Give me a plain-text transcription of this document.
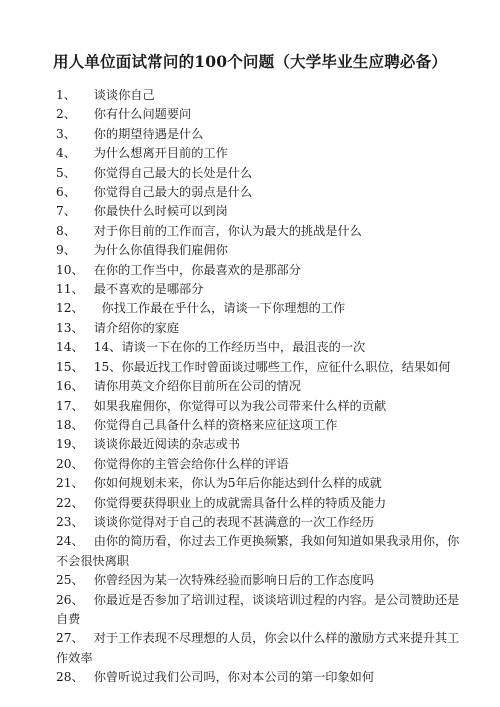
用人单位面试常问的100个问题（大学毕业生应聘必备）
1、  谈谈你自己
2、  你有什么问题要问
3、  你的期望待遇是什么
4、  为什么想离开目前的工作
5、  你觉得自己最大的长处是什么
6、  你觉得自己最大的弱点是什么
7、  你最快什么时候可以到岗
8、  对于你目前的工作而言，你认为最大的挑战是什么
9、  为什么你值得我们雇佣你
10、  在你的工作当中，你最喜欢的是那部分
11、  最不喜欢的是哪部分
12、    你找工作最在乎什么，请谈一下你理想的工作
13、  请介绍你的家庭
14、  14、请谈一下在你的工作经历当中，最沮丧的一次
15、  15、你最近找工作时曾面谈过哪些工作，应征什么职位，结果如何
16、  请你用英文介绍你目前所在公司的情况
17、  如果我雇佣你，你觉得可以为我公司带来什么样的贡献
18、  你觉得自己具备什么样的资格来应征这项工作
19、  谈谈你最近阅读的杂志或书
20、  你觉得你的主管会给你什么样的评语
21、  你如何规划未来，你认为5年后你能达到什么样的成就
22、  你觉得要获得职业上的成就需具备什么样的特质及能力
23、  谈谈你觉得对于自己的表现不甚满意的一次工作经历
24、  由你的简历看，你过去工作更换频繁，我如何知道如果我录用你，你不会很快离职
25、  你曾经因为某一次特殊经验而影响日后的工作态度吗
26、  你最近是否参加了培训过程，谈谈培训过程的内容。是公司赞助还是自费
27、  对于工作表现不尽理想的人员，你会以什么样的激励方式来提升其工作效率
28、  你曾听说过我们公司吗，你对本公司的第一印象如何
